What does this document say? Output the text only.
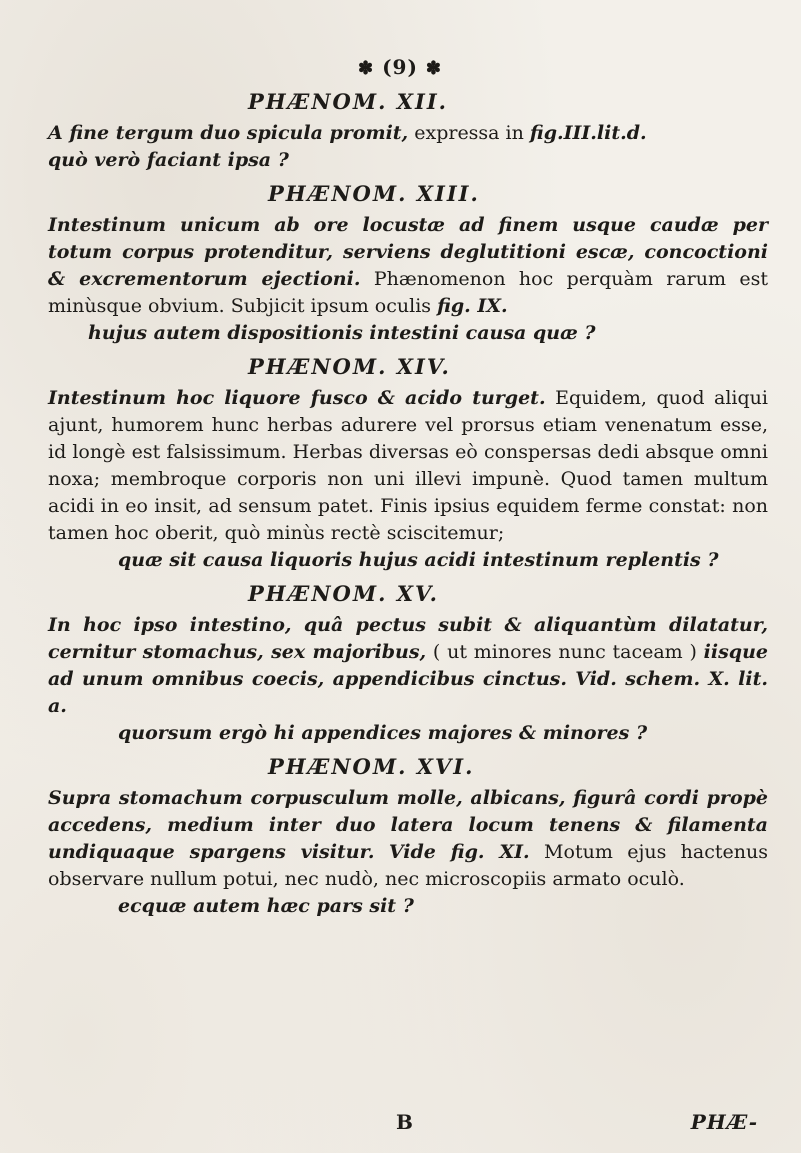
✽ (9) ✽
PHÆNOM. XII.

A fine tergum duo spicula promit, expressa in fig.III.lit.d.

quò verò faciant ipsa ?

PHÆNOM. XIII.

Intestinum unicum ab ore locustæ ad finem usque caudæ per totum corpus protenditur, serviens deglutitioni escæ, concoctioni & excrementorum ejectioni. Phænomenon hoc perquàm rarum est minùsque obvium. Subjicit ipsum oculis fig. IX.

hujus autem dispositionis intestini causa quæ ?

PHÆNOM. XIV.

Intestinum hoc liquore fusco & acido turget. Equidem, quod aliqui ajunt, humorem hunc herbas adurere vel prorsus etiam venenatum esse, id longè est falsissimum. Herbas diversas eò conspersas dedi absque omni noxa; membroque corporis non uni illevi impunè. Quod tamen multum acidi in eo insit, ad sensum patet. Finis ipsius equidem ferme constat: non tamen hoc oberit, quò minùs rectè sciscitemur;

quæ sit causa liquoris hujus acidi intestinum replentis ?

PHÆNOM. XV.

In hoc ipso intestino, quâ pectus subit & aliquantùm dilatatur, cernitur stomachus, sex majoribus, ( ut minores nunc taceam ) iisque ad unum omnibus coecis, appendicibus cinctus. Vid. schem. X. lit. a.

quorsum ergò hi appendices majores & minores ?

PHÆNOM. XVI.

Supra stomachum corpusculum molle, albicans, figurâ cordi propè accedens, medium inter duo latera locum tenens & filamenta undiquaque spargens visitur. Vide fig. XI. Motum ejus hactenus observare nullum potui, nec nudò, nec microscopiis armato oculò.

ecquæ autem hæc pars sit ?

B	PHÆ-
